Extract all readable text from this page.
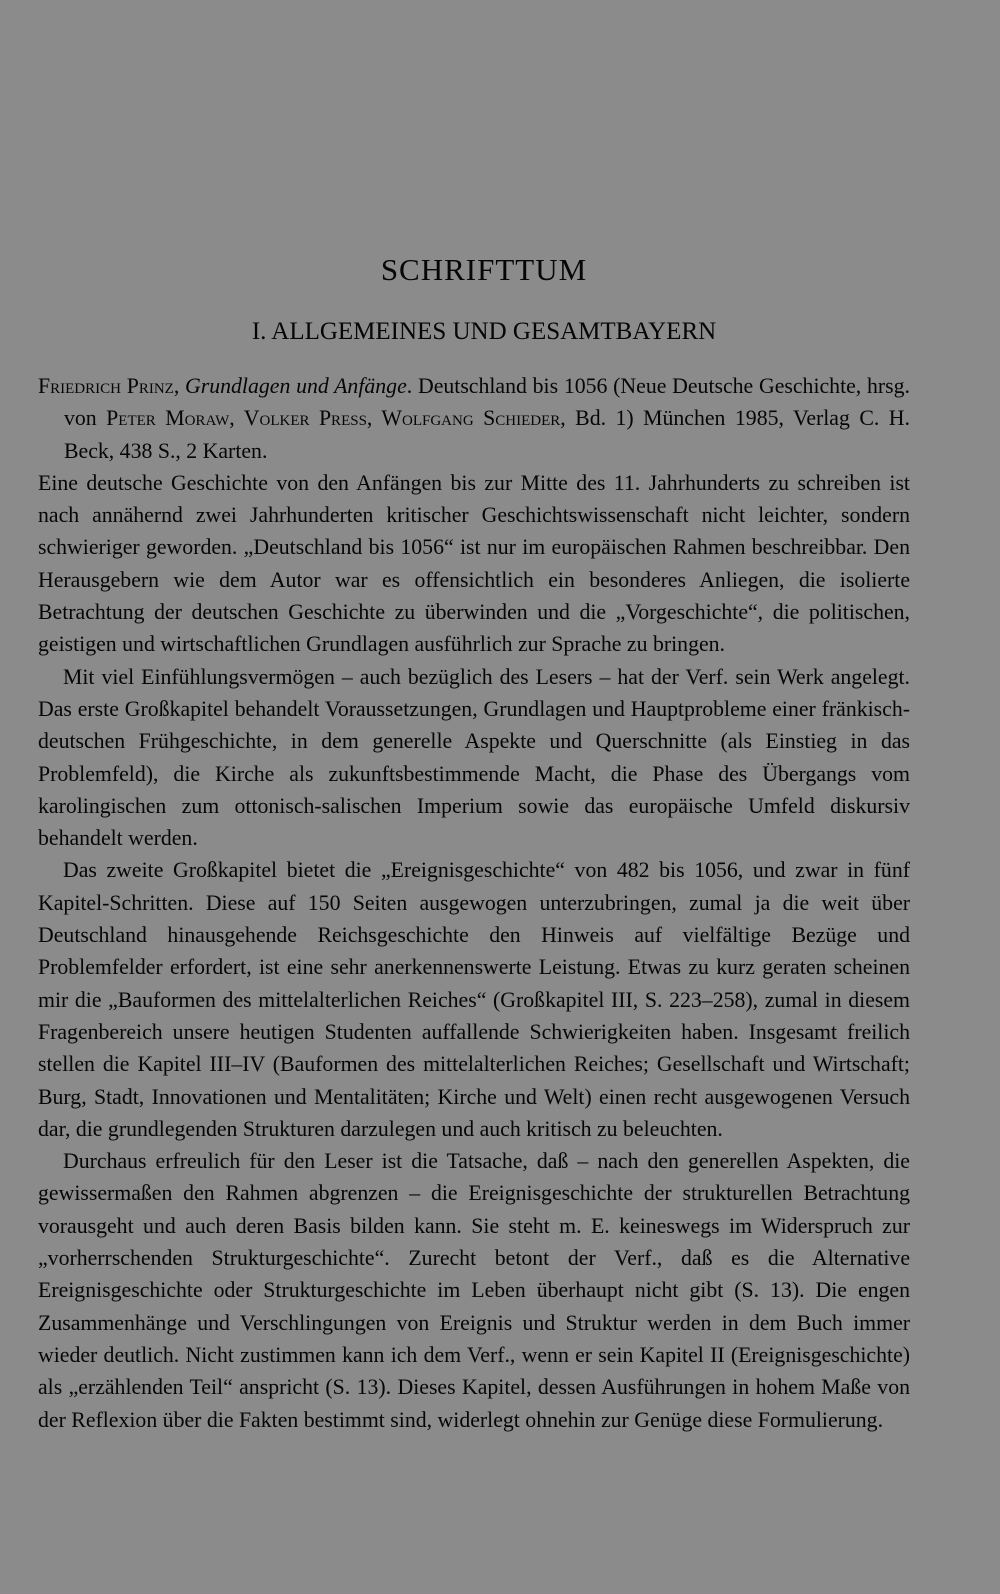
SCHRIFTTUM
I. ALLGEMEINES UND GESAMTBAYERN

Friedrich Prinz, Grundlagen und Anfänge. Deutschland bis 1056 (Neue Deutsche Geschichte, hrsg. von Peter Moraw, Volker Press, Wolfgang Schieder, Bd. 1) München 1985, Verlag C. H. Beck, 438 S., 2 Karten.

Eine deutsche Geschichte von den Anfängen bis zur Mitte des 11. Jahrhunderts zu schreiben ist nach annähernd zwei Jahrhunderten kritischer Geschichtswissenschaft nicht leichter, sondern schwieriger geworden. „Deutschland bis 1056“ ist nur im europäischen Rahmen beschreibbar. Den Herausgebern wie dem Autor war es offensichtlich ein besonderes Anliegen, die isolierte Betrachtung der deutschen Geschichte zu überwinden und die „Vorgeschichte“, die politischen, geistigen und wirtschaftlichen Grundlagen ausführlich zur Sprache zu bringen.

Mit viel Einfühlungsvermögen – auch bezüglich des Lesers – hat der Verf. sein Werk angelegt. Das erste Großkapitel behandelt Voraussetzungen, Grundlagen und Hauptprobleme einer fränkisch-deutschen Frühgeschichte, in dem generelle Aspekte und Querschnitte (als Einstieg in das Problemfeld), die Kirche als zukunftsbestimmende Macht, die Phase des Übergangs vom karolingischen zum ottonisch-salischen Imperium sowie das europäische Umfeld diskursiv behandelt werden.

Das zweite Großkapitel bietet die „Ereignisgeschichte“ von 482 bis 1056, und zwar in fünf Kapitel-Schritten. Diese auf 150 Seiten ausgewogen unterzubringen, zumal ja die weit über Deutschland hinausgehende Reichsgeschichte den Hinweis auf vielfältige Bezüge und Problemfelder erfordert, ist eine sehr anerkennenswerte Leistung. Etwas zu kurz geraten scheinen mir die „Bauformen des mittelalterlichen Reiches“ (Großkapitel III, S. 223–258), zumal in diesem Fragenbereich unsere heutigen Studenten auffallende Schwierigkeiten haben. Insgesamt freilich stellen die Kapitel III–IV (Bauformen des mittelalterlichen Reiches; Gesellschaft und Wirtschaft; Burg, Stadt, Innovationen und Mentalitäten; Kirche und Welt) einen recht ausgewogenen Versuch dar, die grundlegenden Strukturen darzulegen und auch kritisch zu beleuchten.

Durchaus erfreulich für den Leser ist die Tatsache, daß – nach den generellen Aspekten, die gewissermaßen den Rahmen abgrenzen – die Ereignisgeschichte der strukturellen Betrachtung vorausgeht und auch deren Basis bilden kann. Sie steht m. E. keineswegs im Widerspruch zur „vorherrschenden Strukturgeschichte“. Zurecht betont der Verf., daß es die Alternative Ereignisgeschichte oder Strukturgeschichte im Leben überhaupt nicht gibt (S. 13). Die engen Zusammenhänge und Verschlingungen von Ereignis und Struktur werden in dem Buch immer wieder deutlich. Nicht zustimmen kann ich dem Verf., wenn er sein Kapitel II (Ereignisgeschichte) als „erzählenden Teil“ anspricht (S. 13). Dieses Kapitel, dessen Ausführungen in hohem Maße von der Reflexion über die Fakten bestimmt sind, widerlegt ohnehin zur Genüge diese Formulierung.
